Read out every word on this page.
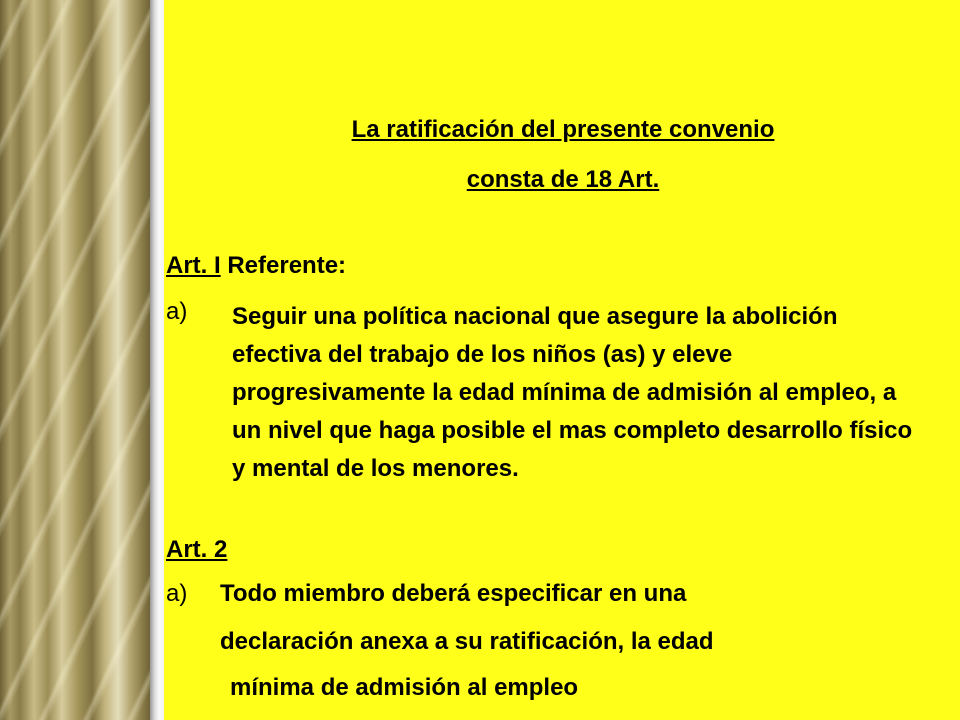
La ratificación del presente convenio
consta de 18 Art.
Art. I Referente:
a) Seguir una política nacional que asegure la abolición efectiva del trabajo de los niños (as) y eleve progresivamente la edad mínima de admisión al empleo, a un nivel que haga posible el mas completo desarrollo físico y mental de los menores.
Art. 2
a) Todo miembro deberá especificar en una
declaración anexa a su ratificación, la edad
mínima de admisión al empleo
